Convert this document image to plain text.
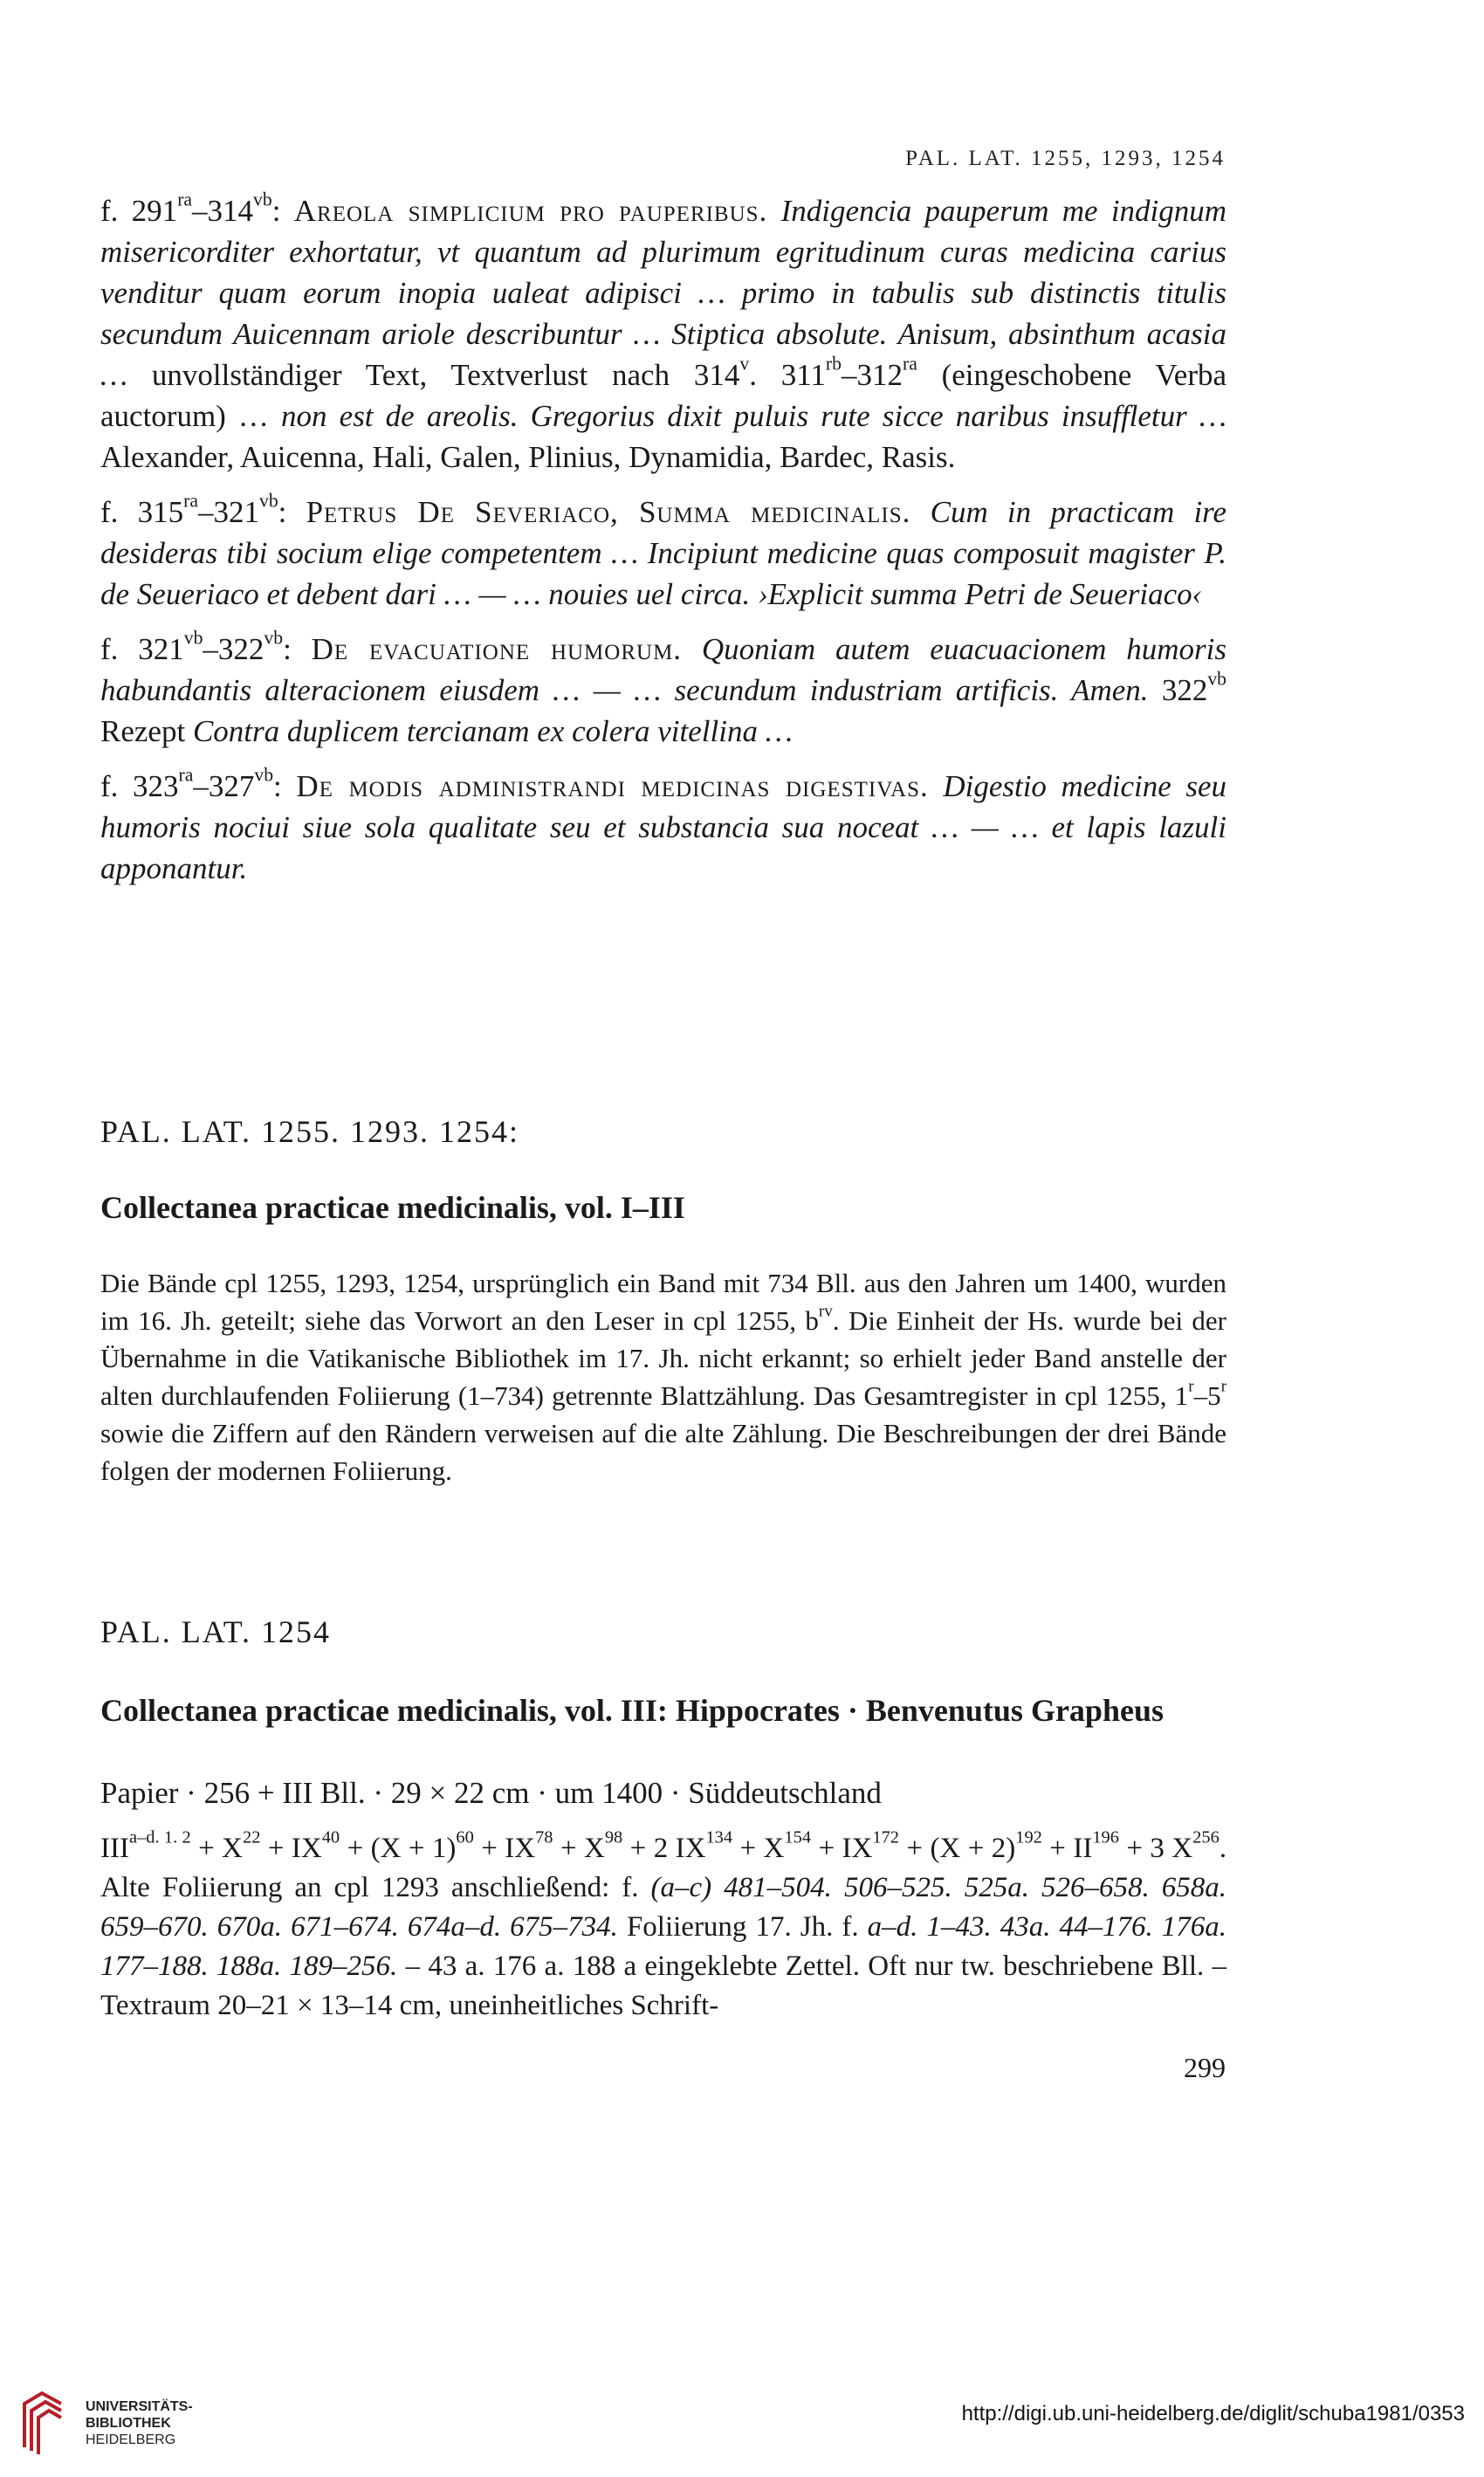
PAL. LAT. 1255, 1293, 1254

f. $291^{ra}-314^{vb}$: Areola simplicium pro pauperibus. Indigencia pauperum me indignum misericorditer exhortatur, vt quantum ad plurimum egritudinum curas medicina carius venditur quam eorum inopia ualeat adipisci … primo in tabulis sub distinctis titulis secundum Auicennam ariole describuntur … Stiptica absolute. Anisum, absinthum acasia … unvollständiger Text, Textverlust nach 314$^v$. $311^{rb}-312^{ra}$ (eingeschobene Verba auctorum) … non est de areolis. Gregorius dixit puluis rute sicce naribus insuffletur … Alexander, Auicenna, Hali, Galen, Plinius, Dynamidia, Bardec, Rasis.

f. $315^{ra}-321^{vb}$: Petrus De Severiaco, Summa medicinalis. Cum in practicam ire desideras tibi socium elige competentem … Incipiunt medicine quas composuit magister P. de Seueriaco et debent dari … — … nouies uel circa. ›Explicit summa Petri de Seueriaco‹

f. $321^{vb}-322^{vb}$: De evacuatione humorum. Quoniam autem euacuacionem humoris habundantis alteracionem eiusdem … — … secundum industriam artificis. Amen. $322^{vb}$ Rezept Contra duplicem tercianam ex colera vitellina …

f. $323^{ra}-327^{vb}$: De modis administrandi medicinas digestivas. Digestio medicine seu humoris nociui siue sola qualitate seu et substancia sua noceat … — … et lapis lazuli apponantur.

PAL. LAT. 1255. 1293. 1254:
Collectanea practicae medicinalis, vol. I–III
Die Bände cpl 1255, 1293, 1254, ursprünglich ein Band mit 734 Bll. aus den Jahren um 1400, wurden im 16. Jh. geteilt; siehe das Vorwort an den Leser in cpl 1255, $b^{rv}$. Die Einheit der Hs. wurde bei der Übernahme in die Vatikanische Bibliothek im 17. Jh. nicht erkannt; so erhielt jeder Band anstelle der alten durchlaufenden Foliierung (1–734) getrennte Blattzählung. Das Gesamtregister in cpl 1255, 1$^r$–5$^r$ sowie die Ziffern auf den Rändern verweisen auf die alte Zählung. Die Beschreibungen der drei Bände folgen der modernen Foliierung.
PAL. LAT. 1254
Collectanea practicae medicinalis, vol. III: Hippocrates · Benvenutus Grapheus
Papier · 256 + III Bll. · 29 × 22 cm · um 1400 · Süddeutschland
$III^{a-d. 1. 2} + X^{22} + IX^{40} + (X + 1)^{60} + IX^{78} + X^{98} + 2$ $IX^{134} + X^{154} + IX^{172} + (X + 2)^{192} + II^{196} + 3$ $X^{256}$. Alte Foliierung an cpl 1293 anschließend: f. (a–c) 481–504. 506–525. 525a. 526–658. 658a. 659–670. 670a. 671–674. 674a–d. 675–734. Foliierung 17. Jh. f. a–d. 1–43. 43a. 44–176. 176a. 177–188. 188a. 189–256. – 43 a. 176 a. 188 a eingeklebte Zettel. Oft nur tw. beschriebene Bll. – Textraum 20–21 × 13–14 cm, uneinheitliches Schrift-
299
UNIVERSITÄTS-
BIBLIOTHEK
HEIDELBERG
http://digi.ub.uni-heidelberg.de/diglit/schuba1981/0353
